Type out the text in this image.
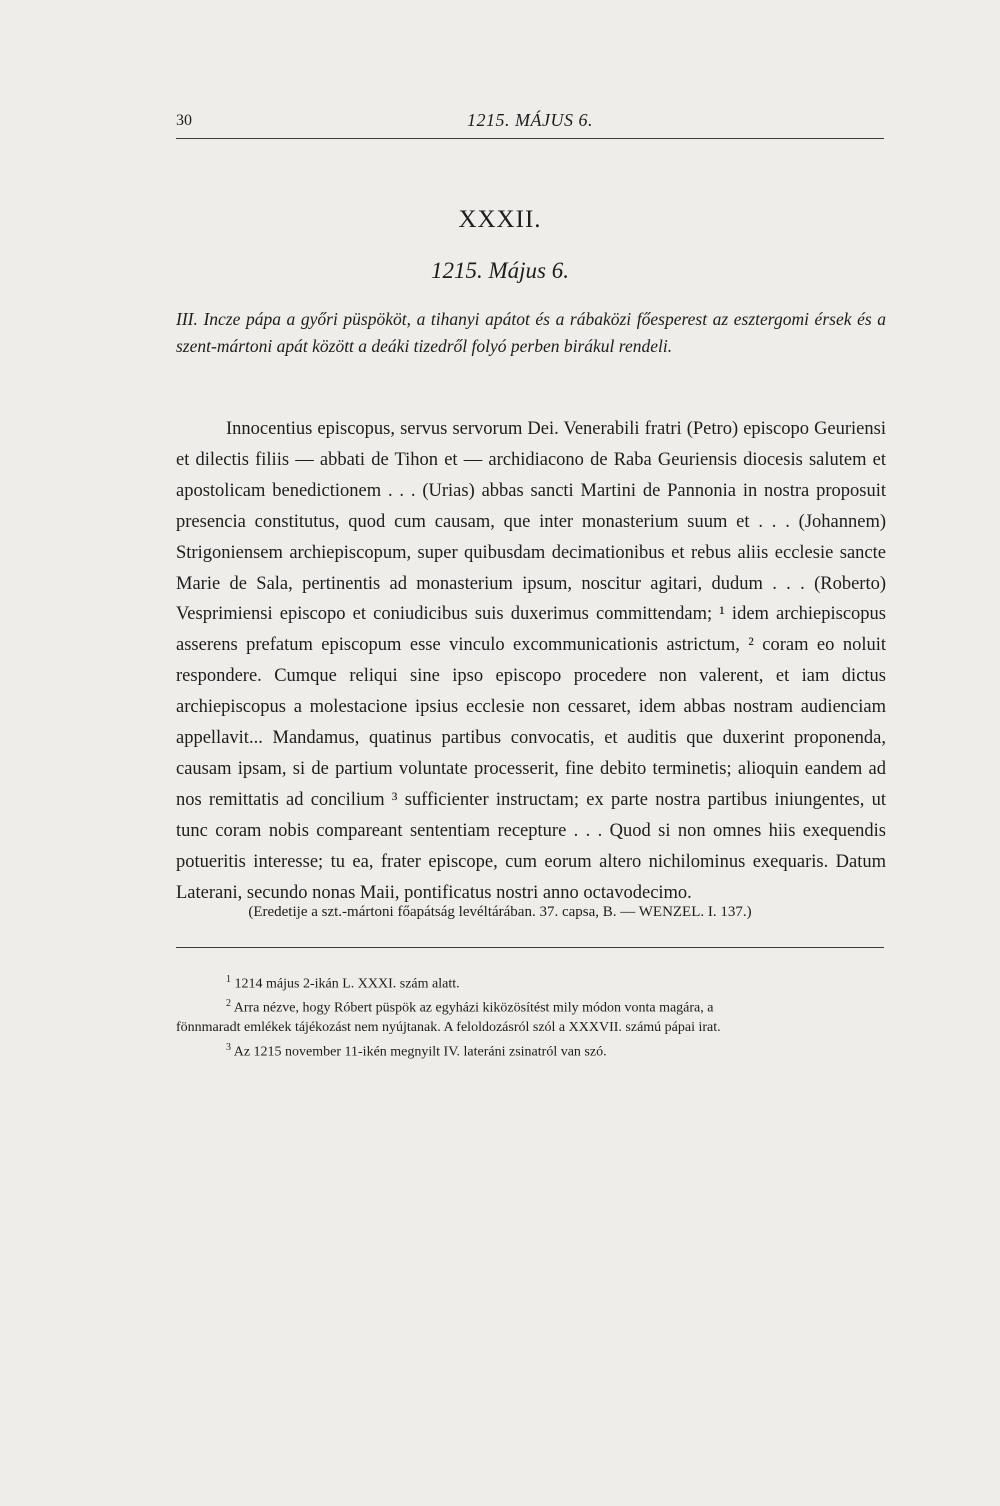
30	1215. MÁJUS 6.
XXXII.
1215. Május 6.

III. Incze pápa a győri püspököt, a tihanyi apátot és a rábaközi főesperest az esztergomi érsek és a szent-mártoni apát között a deáki tizedről folyó perben birákul rendeli.

Innocentius episcopus, servus servorum Dei. Venerabili fratri (Petro) episcopo Geuriensi et dilectis filiis — abbati de Tihon et — archidiacono de Raba Geuriensis diocesis salutem et apostolicam benedictionem . . . (Urias) abbas sancti Martini de Pannonia in nostra proposuit presencia constitutus, quod cum causam, que inter monasterium suum et . . . (Johannem) Strigoniensem archiepiscopum, super quibusdam decimationibus et rebus aliis ecclesie sancte Marie de Sala, pertinentis ad monasterium ipsum, noscitur agitari, dudum . . . (Roberto) Vesprimiensi episcopo et coniudicibus suis duxerimus committendam; ¹ idem archiepiscopus asserens prefatum episcopum esse vinculo excommunicationis astrictum, ² coram eo noluit respondere. Cumque reliqui sine ipso episcopo procedere non valerent, et iam dictus archiepiscopus a molestacione ipsius ecclesie non cessaret, idem abbas nostram audienciam appellavit... Mandamus, quatinus partibus convocatis, et auditis que duxerint proponenda, causam ipsam, si de partium voluntate processerit, fine debito terminetis; alioquin eandem ad nos remittatis ad concilium ³ sufficienter instructam; ex parte nostra partibus iniungentes, ut tunc coram nobis compareant sententiam recepture . . . Quod si non omnes hiis exequendis potueritis interesse; tu ea, frater episcope, cum eorum altero nichilominus exequaris. Datum Laterani, secundo nonas Maii, pontificatus nostri anno octavodecimo.

(Eredetije a szt.-mártoni főapátság levéltárában. 37. capsa, B. — WENZEL. I. 137.)

$^1$ 1214 május 2-ikán L. XXXI. szám alatt.

$^2$ Arra nézve, hogy Róbert püspök az egyházi kiközösítést mily módon vonta magára, a

fönnmaradt emlékek tájékozást nem nyújtanak. A feloldozásról szól a XXXVII. számú pápai irat.

$^3$ Az 1215 november 11-ikén megnyilt IV. lateráni zsinatról van szó.
